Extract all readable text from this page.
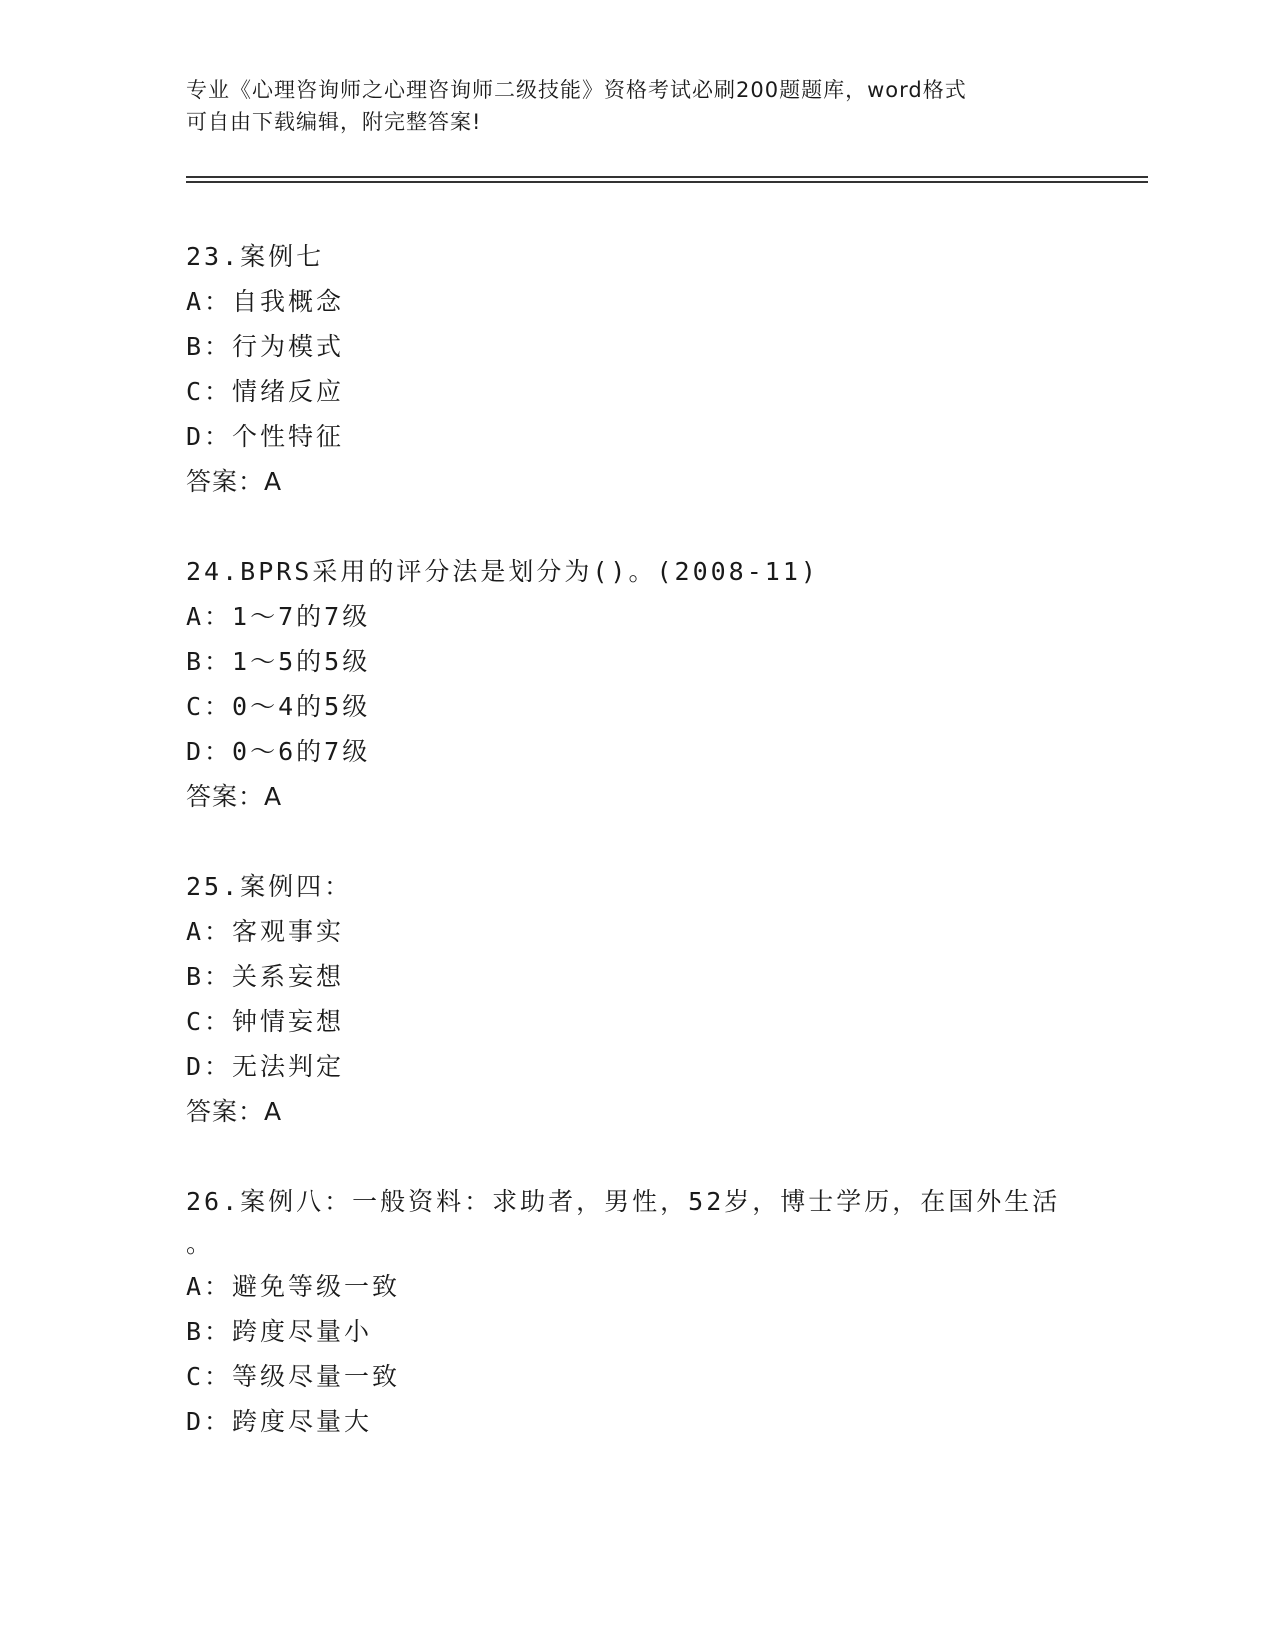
专业《心理咨询师之心理咨询师二级技能》资格考试必刷200题题库，word格式
可自由下载编辑，附完整答案!
23.案例七
A：自我概念
B：行为模式
C：情绪反应
D：个性特征
答案：A
24.BPRS采用的评分法是划分为()。(2008-11)
A：1～7的7级
B：1～5的5级
C：0～4的5级
D：0～6的7级
答案：A
25.案例四：
A：客观事实
B：关系妄想
C：钟情妄想
D：无法判定
答案：A
26.案例八：一般资料：求助者，男性，52岁，博士学历，在国外生活
。
A：避免等级一致
B：跨度尽量小
C：等级尽量一致
D：跨度尽量大
